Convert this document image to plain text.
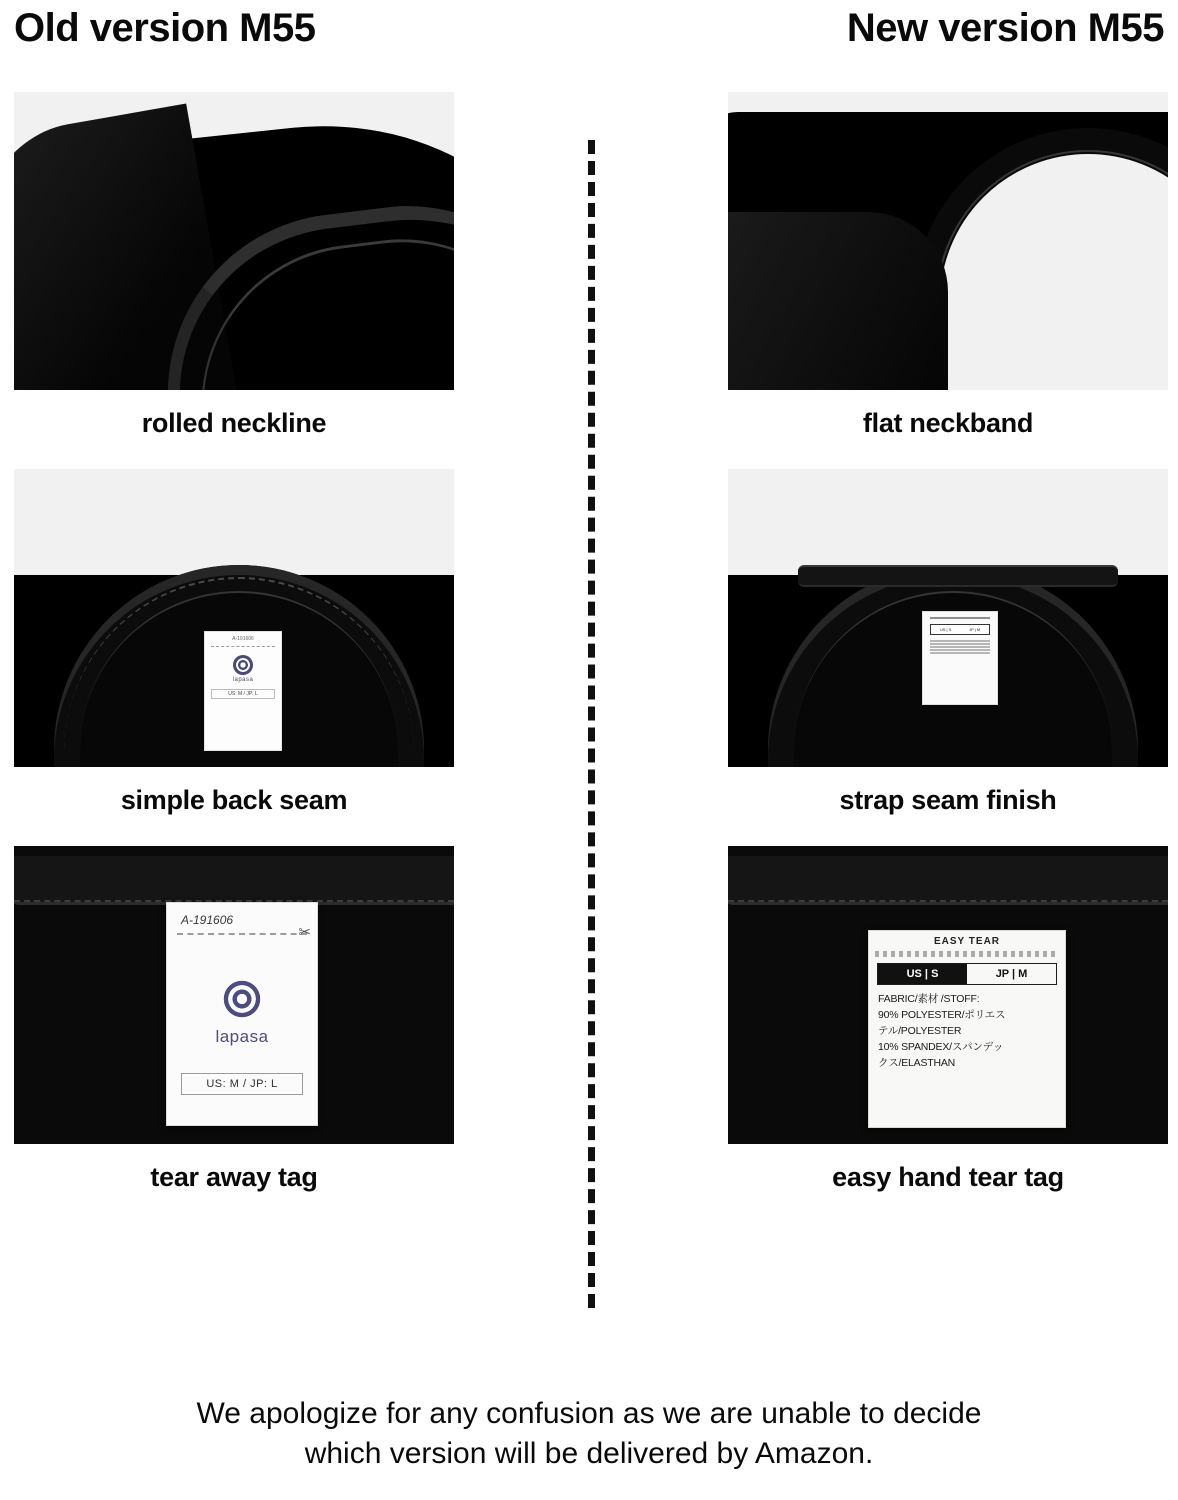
Old version M55	New version M55
rolled neckline
A-191606
lapasa
US: M / JP: L
simple back seam
A-191606
✂
lapasa
US: M / JP: L
tear away tag
flat neckband
US | S	JP | M
strap seam finish
EASY TEAR
US | S	JP | M
FABRIC/素材 /STOFF:
90% POLYESTER/ポリエス
テル/POLYESTER
10% SPANDEX/スパンデッ
クス/ELASTHAN
easy hand tear tag
We apologize for any confusion as we are unable to decide
which version will be delivered by Amazon.
